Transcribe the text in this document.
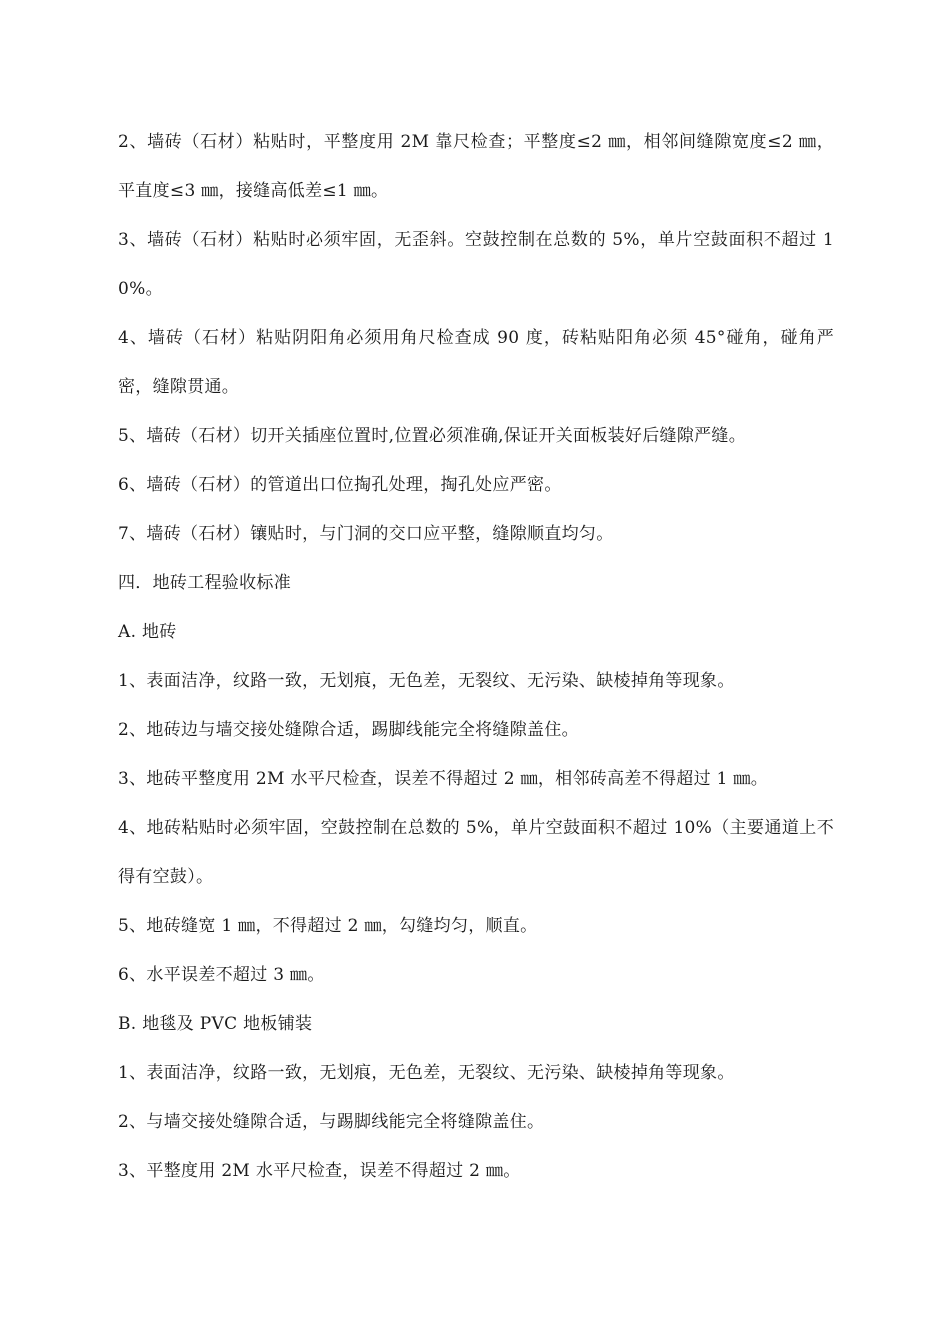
2、墙砖（石材）粘贴时，平整度用 2M 靠尺检查；平整度≤2 ㎜，相邻间缝隙宽度≤2 ㎜，平直度≤3 ㎜，接缝高低差≤1 ㎜。

3、墙砖（石材）粘贴时必须牢固，无歪斜。空鼓控制在总数的 5%，单片空鼓面积不超过 10%。

4、墙砖（石材）粘贴阴阳角必须用角尺检查成 90 度，砖粘贴阳角必须 45°碰角，碰角严密，缝隙贯通。

5、墙砖（石材）切开关插座位置时,位置必须准确,保证开关面板装好后缝隙严缝。

6、墙砖（石材）的管道出口位掏孔处理，掏孔处应严密。

7、墙砖（石材）镶贴时，与门洞的交口应平整，缝隙顺直均匀。

四．地砖工程验收标准

A. 地砖

1、表面洁净，纹路一致，无划痕，无色差，无裂纹、无污染、缺棱掉角等现象。

2、地砖边与墙交接处缝隙合适，踢脚线能完全将缝隙盖住。

3、地砖平整度用 2M 水平尺检查，误差不得超过 2 ㎜，相邻砖高差不得超过 1 ㎜。

4、地砖粘贴时必须牢固，空鼓控制在总数的 5%，单片空鼓面积不超过 10%（主要通道上不得有空鼓）。

5、地砖缝宽 1 ㎜，不得超过 2 ㎜，勾缝均匀，顺直。

6、水平误差不超过 3 ㎜。

B. 地毯及 PVC 地板铺装

1、表面洁净，纹路一致，无划痕，无色差，无裂纹、无污染、缺棱掉角等现象。

2、与墙交接处缝隙合适，与踢脚线能完全将缝隙盖住。

3、平整度用 2M 水平尺检查，误差不得超过 2 ㎜。
